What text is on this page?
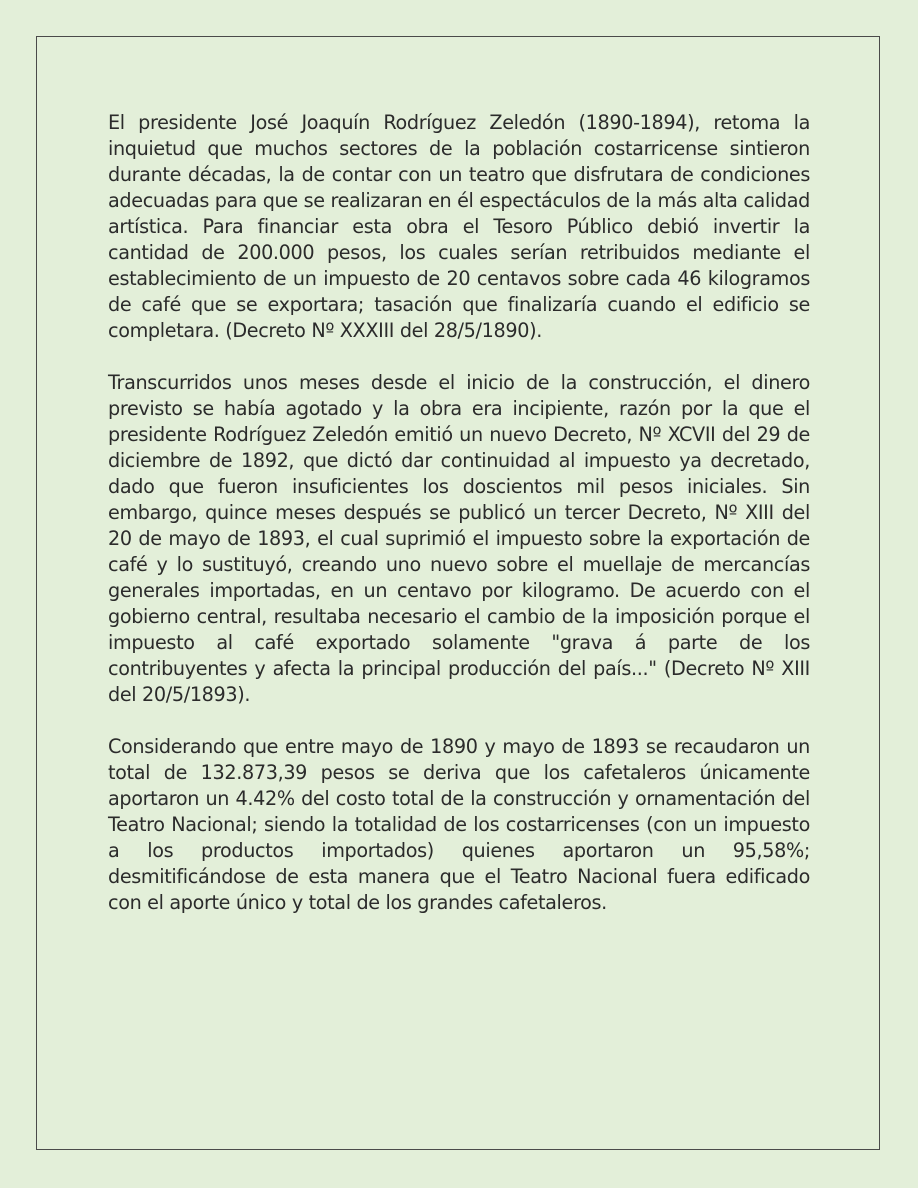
El presidente José Joaquín Rodríguez Zeledón (1890-1894), retoma la inquietud que muchos sectores de la población costarricense sintieron durante décadas, la de contar con un teatro que disfrutara de condiciones adecuadas para que se realizaran en él espectáculos de la más alta calidad artística. Para financiar esta obra el Tesoro Público debió invertir la cantidad de 200.000 pesos, los cuales serían retribuidos mediante el establecimiento de un impuesto de 20 centavos sobre cada 46 kilogramos de café que se exportara; tasación que finalizaría cuando el edificio se completara. (Decreto Nº XXXIII del 28/5/1890).

Transcurridos unos meses desde el inicio de la construcción, el dinero previsto se había agotado y la obra era incipiente, razón por la que el presidente Rodríguez Zeledón emitió un nuevo Decreto, Nº XCVII del 29 de diciembre de 1892, que dictó dar continuidad al impuesto ya decretado, dado que fueron insuficientes los doscientos mil pesos iniciales. Sin embargo, quince meses después se publicó un tercer Decreto, Nº XIII del 20 de mayo de 1893, el cual suprimió el impuesto sobre la exportación de café y lo sustituyó, creando uno nuevo sobre el muellaje de mercancías generales importadas, en un centavo por kilogramo. De acuerdo con el gobierno central, resultaba necesario el cambio de la imposición porque el impuesto al café exportado solamente "grava á parte de los contribuyentes y afecta la principal producción del país..." (Decreto Nº XIII del 20/5/1893).

Considerando que entre mayo de 1890 y mayo de 1893 se recaudaron un total de 132.873,39 pesos se deriva que los cafetaleros únicamente aportaron un 4.42% del costo total de la construcción y ornamentación del Teatro Nacional; siendo la totalidad de los costarricenses (con un impuesto a los productos importados) quienes aportaron un 95,58%; desmitificándose de esta manera que el Teatro Nacional fuera edificado con el aporte único y total de los grandes cafetaleros.
